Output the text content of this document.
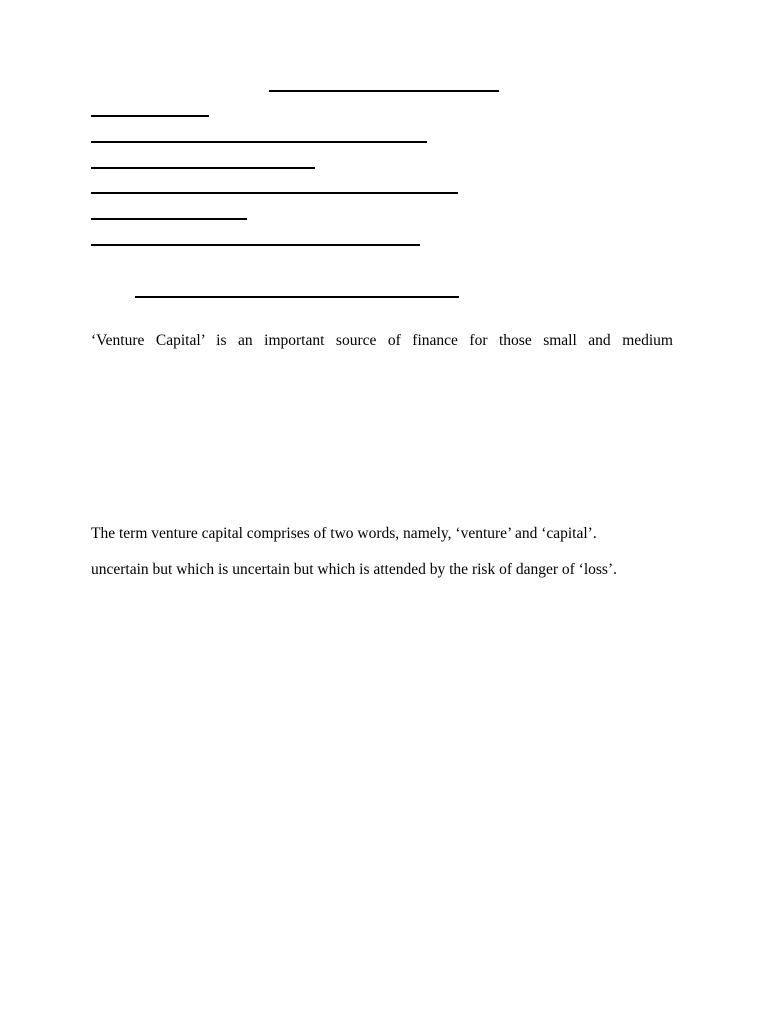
‘Venture Capital’ is an important source of finance for those small and medium
The term venture capital comprises of two words, namely, ‘venture’ and ‘capital’.
uncertain but which is uncertain but which is attended by the risk of danger of ‘loss’.
